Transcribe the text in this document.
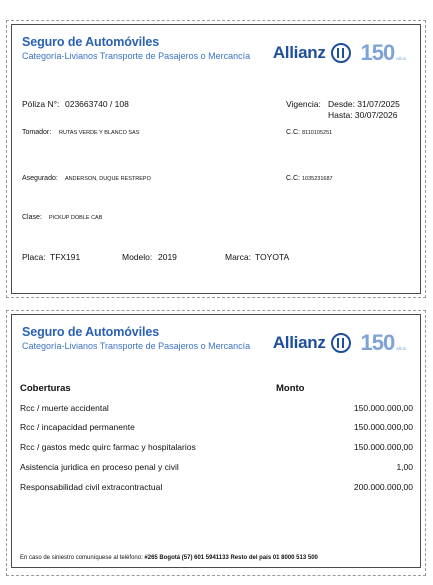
Seguro de Automóviles
Categoría-Livianos Transporte de Pasajeros o Mercancía Allianz 150 años
Póliza N°: 023663740 / 108	Vigencia: Desde: 31/07/2025
Hasta: 30/07/2026
Tomador: RUTAS VERDE Y BLANCO SAS	C.C: 8110105251
Asegurado: ANDERSON, DUQUE RESTREPO	C.C: 1035231687
Clase: PICKUP DOBLE CAB
Placa: TFX191	Modelo: 2019	Marca: TOYOTA
Seguro de Automóviles
Categoría-Livianos Transporte de Pasajeros o Mercancía Allianz 150 años
Coberturas	Monto
Rcc / muerte accidental	150.000.000,00
Rcc / incapacidad permanente	150.000.000,00
Rcc / gastos medc quirc farmac y hospitalarios	150.000.000,00
Asistencia juridica en proceso penal y civil	1,00
Responsabilidad civil extracontractual	200.000.000,00
En caso de siniestro comuníquese al teléfono: #265 Bogotá (57) 601 5941133 Resto del país 01 8000 513 500
